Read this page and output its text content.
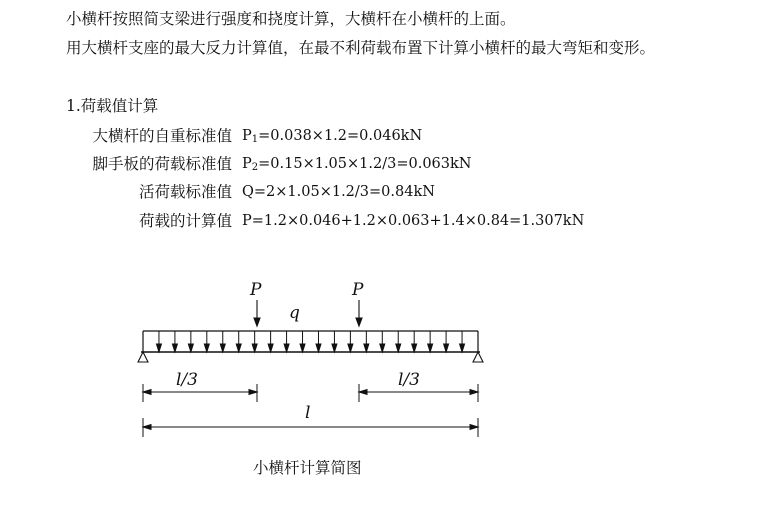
小横杆按照简支梁进行强度和挠度计算，大横杆在小横杆的上面。
用大横杆支座的最大反力计算值，在最不利荷载布置下计算小横杆的最大弯矩和变形。
1.荷载值计算
大横杆的自重标准值 $P_1=0.038\times 1.2=0.046kN$
脚手板的荷载标准值 $P_2=0.15\times 1.05\times 1.2/3=0.063kN$
活荷载标准值 Q=2×1.05×1.2/3=0.84kN
荷载的计算值 P=1.2×0.046+1.2×0.063+1.4×0.84=1.307kN
P	P
q
l/3	l/3
l
小横杆计算简图
